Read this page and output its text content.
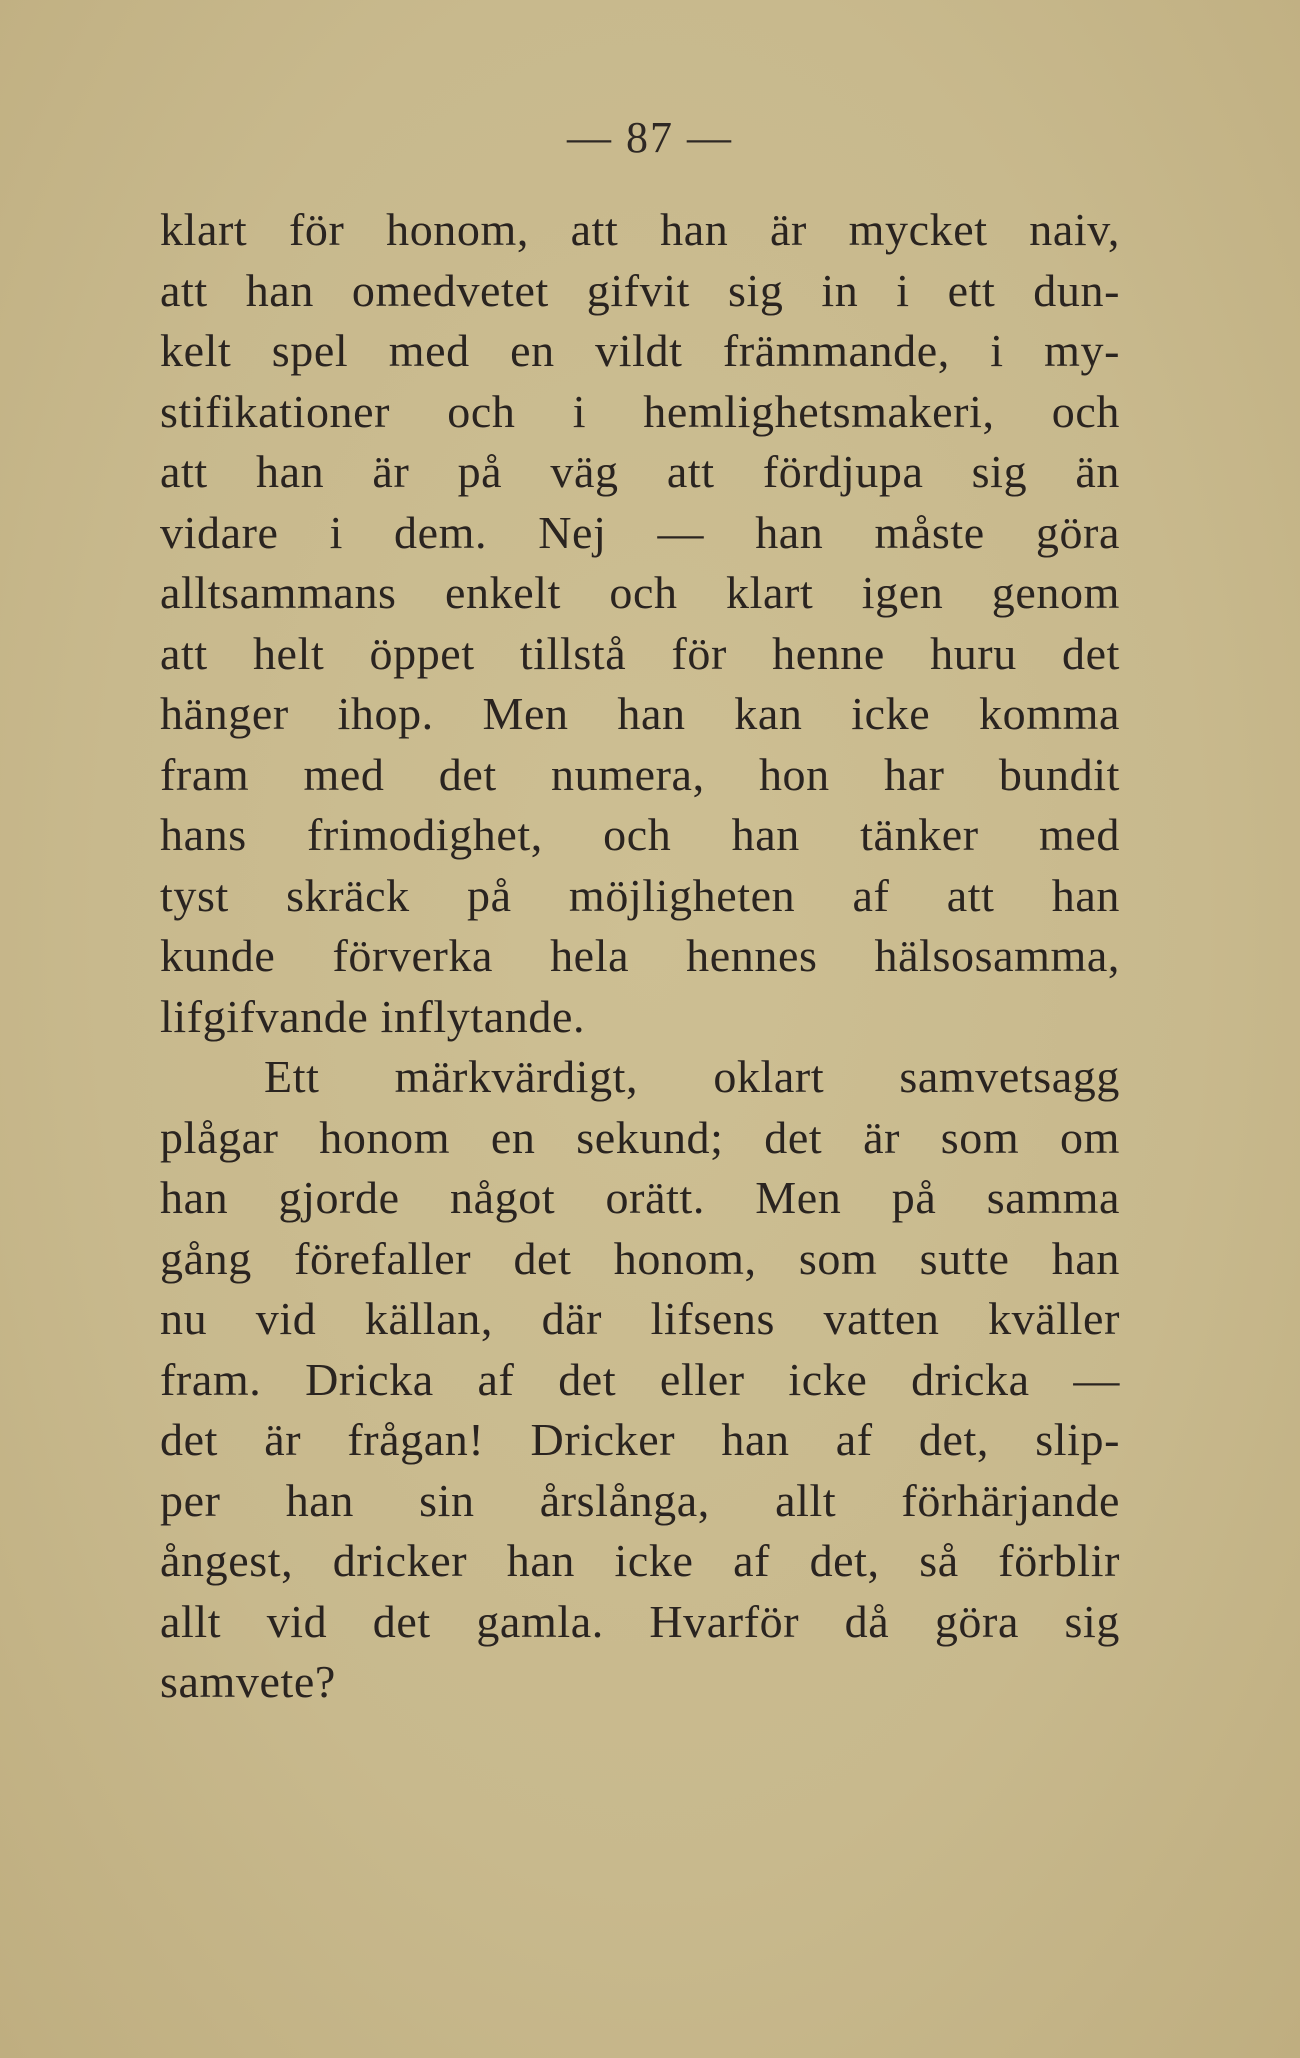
— 87 —
klart för honom, att han är mycket naiv,
att han omedvetet gifvit sig in i ett dun-
kelt spel med en vildt främmande, i my-
stifikationer och i hemlighetsmakeri, och
att han är på väg att fördjupa sig än
vidare i dem. Nej — han måste göra
alltsammans enkelt och klart igen genom
att helt öppet tillstå för henne huru det
hänger ihop. Men han kan icke komma
fram med det numera, hon har bundit
hans frimodighet, och han tänker med
tyst skräck på möjligheten af att han
kunde förverka hela hennes hälsosamma,
lifgifvande inflytande.
Ett märkvärdigt, oklart samvetsagg
plågar honom en sekund; det är som om
han gjorde något orätt. Men på samma
gång förefaller det honom, som sutte han
nu vid källan, där lifsens vatten kväller
fram. Dricka af det eller icke dricka —
det är frågan! Dricker han af det, slip-
per han sin årslånga, allt förhärjande
ångest, dricker han icke af det, så förblir
allt vid det gamla. Hvarför då göra sig
samvete?
